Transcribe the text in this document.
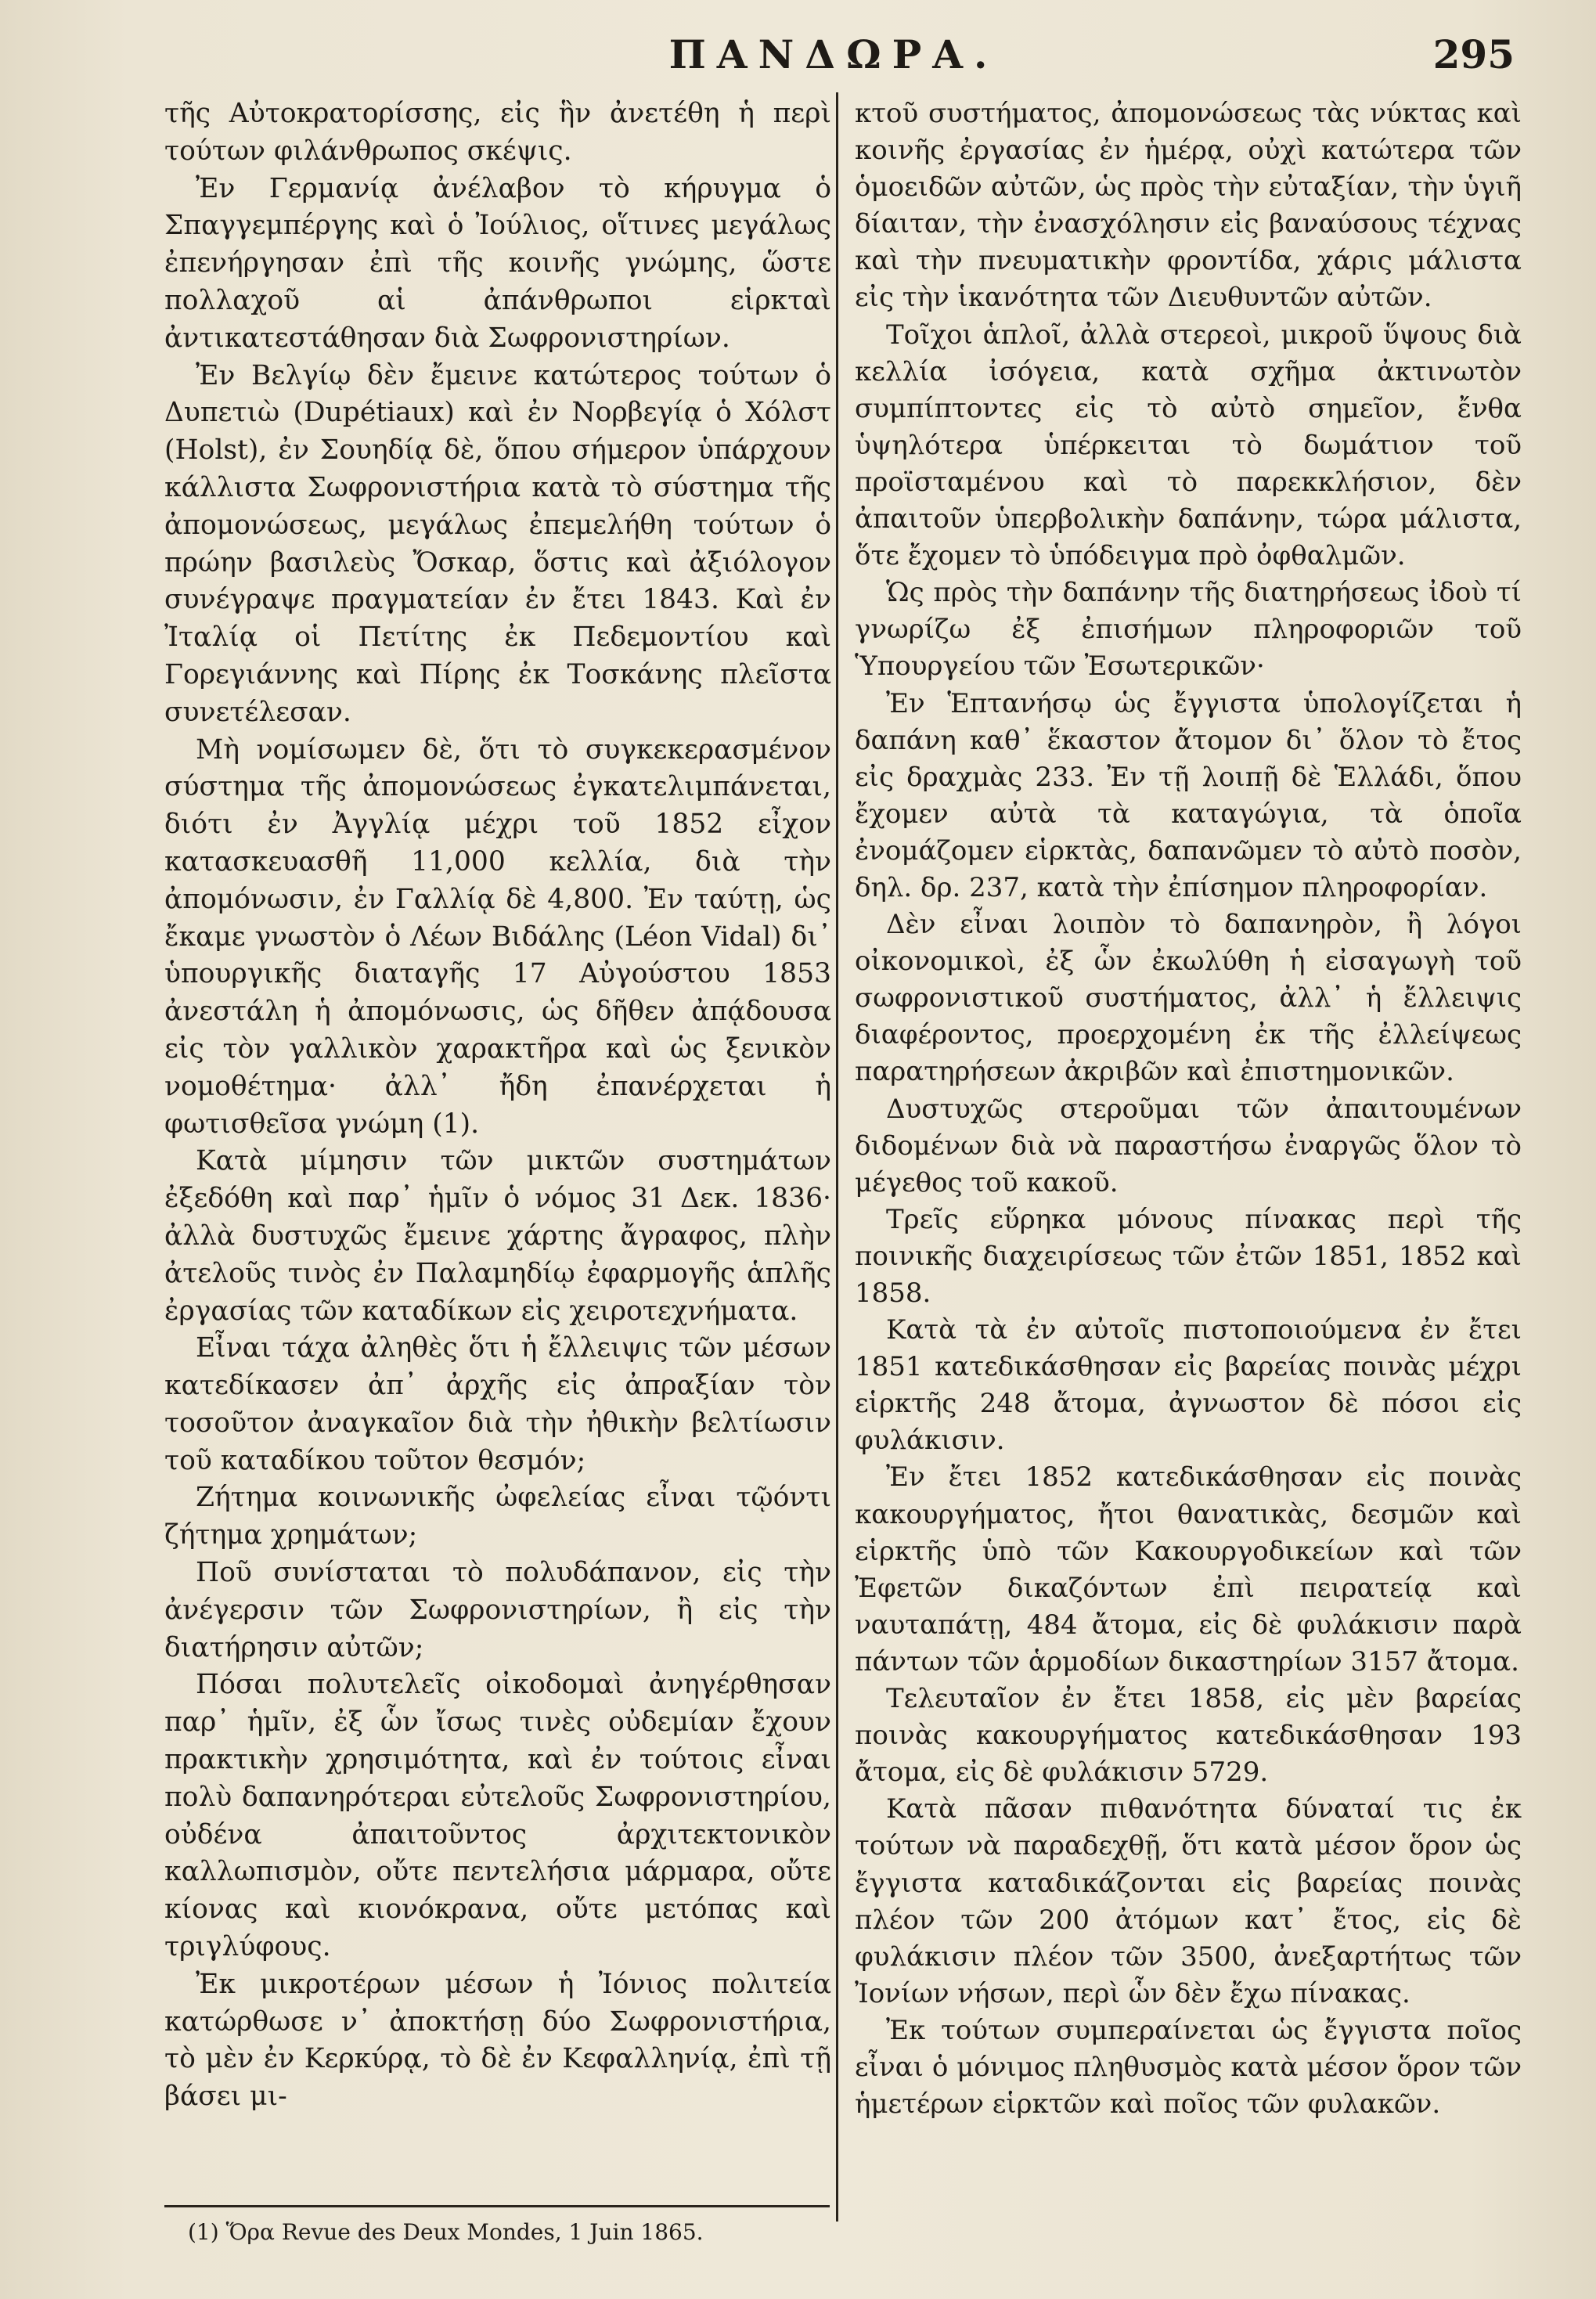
ΠΑΝΔΩΡΑ.	295

τῆς Αὐτοκρατορίσσης, εἰς ἣν ἀνετέθη ἡ περὶ τούτων φιλάνθρωπος σκέψις.

Ἐν Γερμανίᾳ ἀνέλαβον τὸ κήρυγμα ὁ Σπαγγεμπέργης καὶ ὁ Ἰούλιος, οἵτινες μεγάλως ἐπενήργησαν ἐπὶ τῆς κοινῆς γνώμης, ὥστε πολλαχοῦ αἱ ἀπάνθρωποι εἱρκταὶ ἀντικατεστάθησαν διὰ Σωφρονιστηρίων.

Ἐν Βελγίῳ δὲν ἔμεινε κατώτερος τούτων ὁ Δυπετιὼ (Dupétiaux) καὶ ἐν Νορβεγίᾳ ὁ Χόλστ (Holst), ἐν Σουηδίᾳ δὲ, ὅπου σήμερον ὑπάρχουν κάλλιστα Σωφρονιστήρια κατὰ τὸ σύστημα τῆς ἀπομονώσεως, μεγάλως ἐπεμελήθη τούτων ὁ πρώην βασιλεὺς Ὄσκαρ, ὅστις καὶ ἀξιόλογον συνέγραψε πραγματείαν ἐν ἔτει 1843. Καὶ ἐν Ἰταλίᾳ οἱ Πετίτης ἐκ Πεδεμοντίου καὶ Γορεγιάννης καὶ Πίρης ἐκ Τοσκάνης πλεῖστα συνετέλεσαν.

Μὴ νομίσωμεν δὲ, ὅτι τὸ συγκεκερασμένον σύστημα τῆς ἀπομονώσεως ἐγκατελιμπάνεται, διότι ἐν Ἀγγλίᾳ μέχρι τοῦ 1852 εἶχον κατασκευασθῆ 11,000 κελλία, διὰ τὴν ἀπομόνωσιν, ἐν Γαλλίᾳ δὲ 4,800. Ἐν ταύτῃ, ὡς ἔκαμε γνωστὸν ὁ Λέων Βιδάλης (Léon Vidal) δι᾽ ὑπουργικῆς διαταγῆς 17 Αὐγούστου 1853 ἀνεστάλη ἡ ἀπομόνωσις, ὡς δῆθεν ἀπᾴδουσα εἰς τὸν γαλλικὸν χαρακτῆρα καὶ ὡς ξενικὸν νομοθέτημα· ἀλλ᾽ ἤδη ἐπανέρχεται ἡ φωτισθεῖσα γνώμη (1).

Κατὰ μίμησιν τῶν μικτῶν συστημάτων ἐξεδόθη καὶ παρ᾽ ἡμῖν ὁ νόμος 31 Δεκ. 1836· ἀλλὰ δυστυχῶς ἔμεινε χάρτης ἄγραφος, πλὴν ἀτελοῦς τινὸς ἐν Παλαμηδίῳ ἐφαρμογῆς ἁπλῆς ἐργασίας τῶν καταδίκων εἰς χειροτεχνήματα.

Εἶναι τάχα ἀληθὲς ὅτι ἡ ἔλλειψις τῶν μέσων κατεδίκασεν ἀπ᾽ ἀρχῆς εἰς ἀπραξίαν τὸν τοσοῦτον ἀναγκαῖον διὰ τὴν ἠθικὴν βελτίωσιν τοῦ καταδίκου τοῦτον θεσμόν;

Ζήτημα κοινωνικῆς ὠφελείας εἶναι τῷόντι ζήτημα χρημάτων;

Ποῦ συνίσταται τὸ πολυδάπανον, εἰς τὴν ἀνέγερσιν τῶν Σωφρονιστηρίων, ἢ εἰς τὴν διατήρησιν αὐτῶν;

Πόσαι πολυτελεῖς οἰκοδομαὶ ἀνηγέρθησαν παρ᾽ ἡμῖν, ἐξ ὧν ἴσως τινὲς οὐδεμίαν ἔχουν πρακτικὴν χρησιμότητα, καὶ ἐν τούτοις εἶναι πολὺ δαπανηρότεραι εὐτελοῦς Σωφρονιστηρίου, οὐδένα ἀπαιτοῦντος ἀρχιτεκτονικὸν καλλωπισμὸν, οὔτε πεντελήσια μάρμαρα, οὔτε κίονας καὶ κιονόκρανα, οὔτε μετόπας καὶ τριγλύφους.

Ἐκ μικροτέρων μέσων ἡ Ἰόνιος πολιτεία κατώρθωσε ν᾽ ἀποκτήσῃ δύο Σωφρονιστήρια, τὸ μὲν ἐν Κερκύρᾳ, τὸ δὲ ἐν Κεφαλληνίᾳ, ἐπὶ τῇ βάσει μι-

κτοῦ συστήματος, ἀπομονώσεως τὰς νύκτας καὶ κοινῆς ἐργασίας ἐν ἡμέρᾳ, οὐχὶ κατώτερα τῶν ὁμοειδῶν αὐτῶν, ὡς πρὸς τὴν εὐταξίαν, τὴν ὑγιῆ δίαιταν, τὴν ἐνασχόλησιν εἰς βαναύσους τέχνας καὶ τὴν πνευματικὴν φροντίδα, χάρις μάλιστα εἰς τὴν ἱκανότητα τῶν Διευθυντῶν αὐτῶν.

Τοῖχοι ἁπλοῖ, ἀλλὰ στερεοὶ, μικροῦ ὕψους διὰ κελλία ἰσόγεια, κατὰ σχῆμα ἀκτινωτὸν συμπίπτοντες εἰς τὸ αὐτὸ σημεῖον, ἔνθα ὑψηλότερα ὑπέρκειται τὸ δωμάτιον τοῦ προϊσταμένου καὶ τὸ παρεκκλήσιον, δὲν ἀπαιτοῦν ὑπερβολικὴν δαπάνην, τώρα μάλιστα, ὅτε ἔχομεν τὸ ὑπόδειγμα πρὸ ὀφθαλμῶν.

Ὡς πρὸς τὴν δαπάνην τῆς διατηρήσεως ἰδοὺ τί γνωρίζω ἐξ ἐπισήμων πληροφοριῶν τοῦ Ὑπουργείου τῶν Ἐσωτερικῶν·

Ἐν Ἑπτανήσῳ ὡς ἔγγιστα ὑπολογίζεται ἡ δαπάνη καθ᾽ ἕκαστον ἄτομον δι᾽ ὅλον τὸ ἔτος εἰς δραχμὰς 233. Ἐν τῇ λοιπῇ δὲ Ἑλλάδι, ὅπου ἔχομεν αὐτὰ τὰ καταγώγια, τὰ ὁποῖα ἐνομάζομεν εἱρκτὰς, δαπανῶμεν τὸ αὐτὸ ποσὸν, δηλ. δρ. 237, κατὰ τὴν ἐπίσημον πληροφορίαν.

Δὲν εἶναι λοιπὸν τὸ δαπανηρὸν, ἢ λόγοι οἰκονομικοὶ, ἐξ ὧν ἐκωλύθη ἡ εἰσαγωγὴ τοῦ σωφρονιστικοῦ συστήματος, ἀλλ᾽ ἡ ἔλλειψις διαφέροντος, προερχομένη ἐκ τῆς ἐλλείψεως παρατηρήσεων ἀκριβῶν καὶ ἐπιστημονικῶν.

Δυστυχῶς στεροῦμαι τῶν ἀπαιτουμένων διδομένων διὰ νὰ παραστήσω ἐναργῶς ὅλον τὸ μέγεθος τοῦ κακοῦ.

Τρεῖς εὕρηκα μόνους πίνακας περὶ τῆς ποινικῆς διαχειρίσεως τῶν ἐτῶν 1851, 1852 καὶ 1858.

Κατὰ τὰ ἐν αὐτοῖς πιστοποιούμενα ἐν ἔτει 1851 κατεδικάσθησαν εἰς βαρείας ποινὰς μέχρι εἱρκτῆς 248 ἄτομα, ἀγνωστον δὲ πόσοι εἰς φυλάκισιν.

Ἐν ἔτει 1852 κατεδικάσθησαν εἰς ποινὰς κακουργήματος, ἤτοι θανατικὰς, δεσμῶν καὶ εἱρκτῆς ὑπὸ τῶν Κακουργοδικείων καὶ τῶν Ἐφετῶν δικαζόντων ἐπὶ πειρατείᾳ καὶ ναυταπάτῃ, 484 ἄτομα, εἰς δὲ φυλάκισιν παρὰ πάντων τῶν ἁρμοδίων δικαστηρίων 3157 ἄτομα.

Τελευταῖον ἐν ἔτει 1858, εἰς μὲν βαρείας ποινὰς κακουργήματος κατεδικάσθησαν 193 ἄτομα, εἰς δὲ φυλάκισιν 5729.

Κατὰ πᾶσαν πιθανότητα δύναταί τις ἐκ τούτων νὰ παραδεχθῇ, ὅτι κατὰ μέσον ὅρον ὡς ἔγγιστα καταδικάζονται εἰς βαρείας ποινὰς πλέον τῶν 200 ἀτόμων κατ᾽ ἔτος, εἰς δὲ φυλάκισιν πλέον τῶν 3500, ἀνεξαρτήτως τῶν Ἰονίων νήσων, περὶ ὧν δὲν ἔχω πίνακας.

Ἐκ τούτων συμπεραίνεται ὡς ἔγγιστα ποῖος εἶναι ὁ μόνιμος πληθυσμὸς κατὰ μέσον ὅρον τῶν ἡμετέρων εἱρκτῶν καὶ ποῖος τῶν φυλακῶν.

(1) Ὅρα Revue des Deux Mondes, 1 Juin 1865.
